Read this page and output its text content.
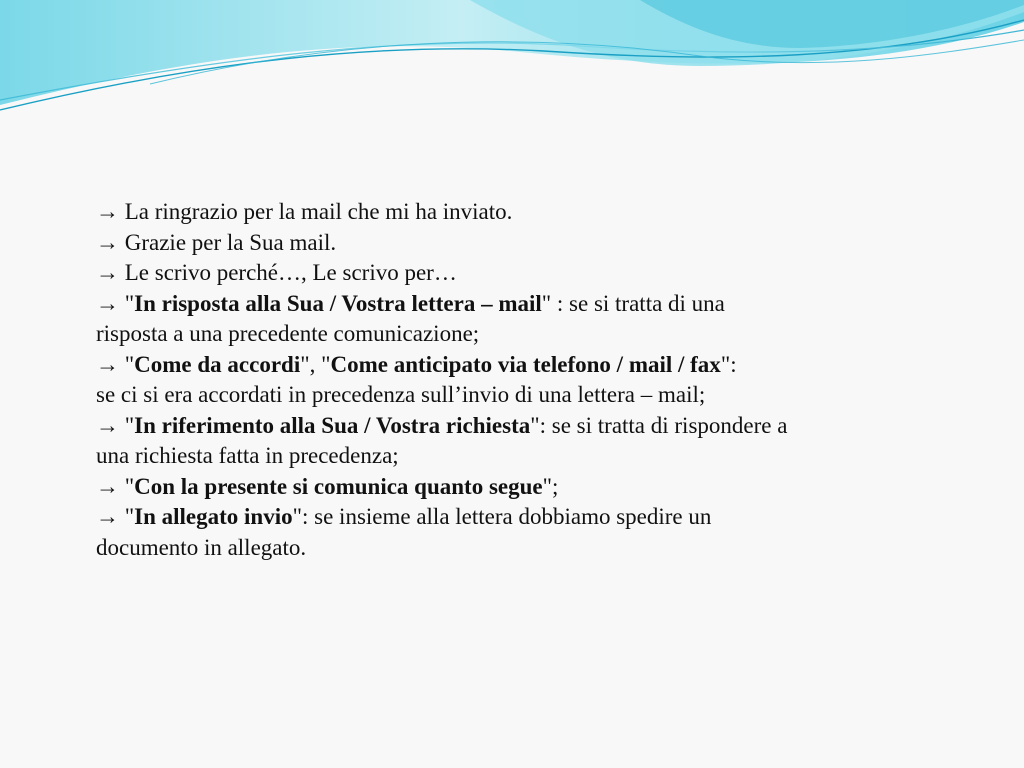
→ La ringrazio per la mail che mi ha inviato.

→ Grazie per la Sua mail.

→ Le scrivo perché…, Le scrivo per…

→ "In risposta alla Sua / Vostra lettera – mail" : se si tratta di una

risposta a una precedente comunicazione;

→ "Come da accordi", "Come anticipato via telefono / mail / fax":

se ci si era accordati in precedenza sull’invio di una lettera – mail;

→ "In riferimento alla Sua / Vostra richiesta": se si tratta di rispondere a

una richiesta fatta in precedenza;

→ "Con la presente si comunica quanto segue";

→ "In allegato invio": se insieme alla lettera dobbiamo spedire un

documento in allegato.
